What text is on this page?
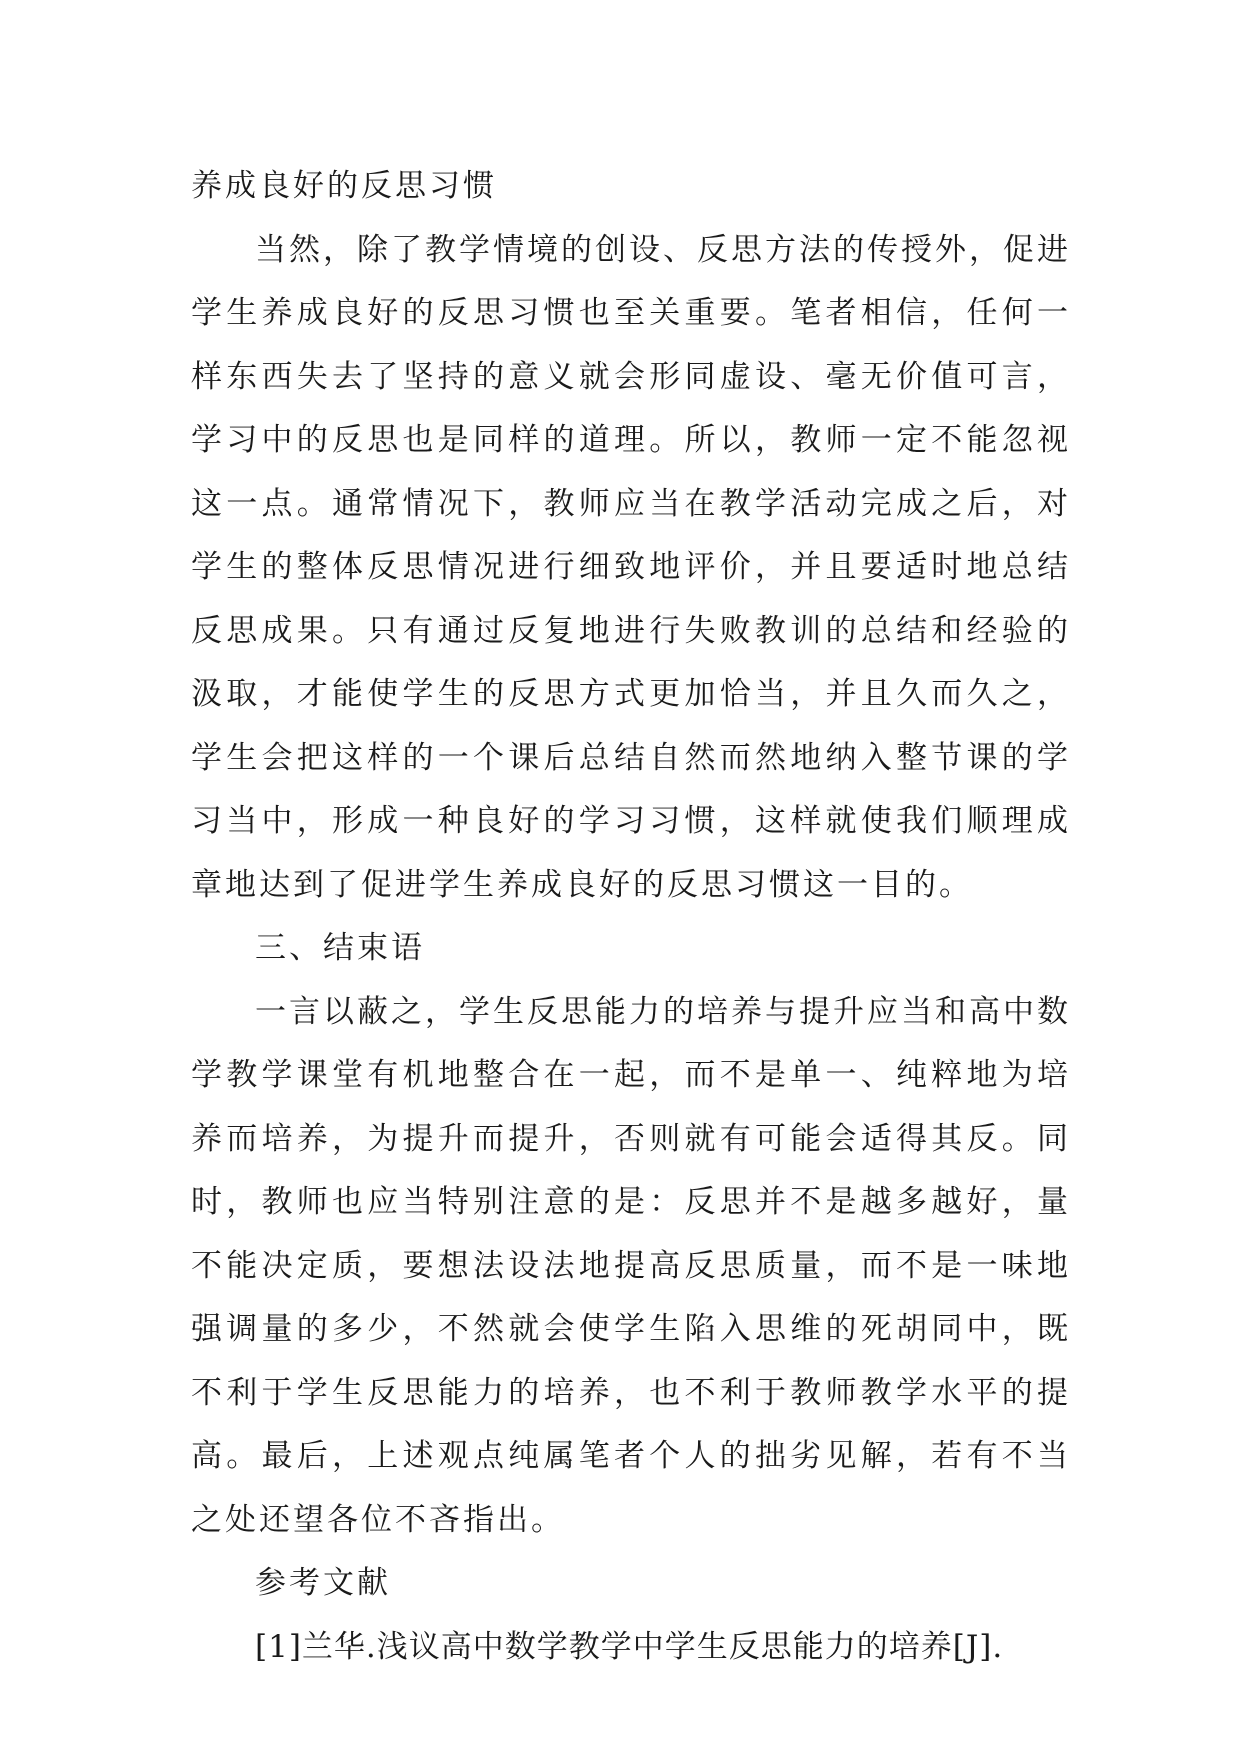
养成良好的反思习惯

当然，除了教学情境的创设、反思方法的传授外，促进学生养成良好的反思习惯也至关重要。笔者相信，任何一样东西失去了坚持的意义就会形同虚设、毫无价值可言，学习中的反思也是同样的道理。所以，教师一定不能忽视这一点。通常情况下，教师应当在教学活动完成之后，对学生的整体反思情况进行细致地评价，并且要适时地总结反思成果。只有通过反复地进行失败教训的总结和经验的汲取，才能使学生的反思方式更加恰当，并且久而久之，学生会把这样的一个课后总结自然而然地纳入整节课的学习当中，形成一种良好的学习习惯，这样就使我们顺理成章地达到了促进学生养成良好的反思习惯这一目的。

三、结束语

一言以蔽之，学生反思能力的培养与提升应当和高中数学教学课堂有机地整合在一起，而不是单一、纯粹地为培养而培养，为提升而提升，否则就有可能会适得其反。同时，教师也应当特别注意的是：反思并不是越多越好，量不能决定质，要想法设法地提高反思质量，而不是一味地强调量的多少，不然就会使学生陷入思维的死胡同中，既不利于学生反思能力的培养，也不利于教师教学水平的提高。最后，上述观点纯属笔者个人的拙劣见解，若有不当之处还望各位不吝指出。

参考文献

[1]兰华.浅议高中数学教学中学生反思能力的培养[J].
